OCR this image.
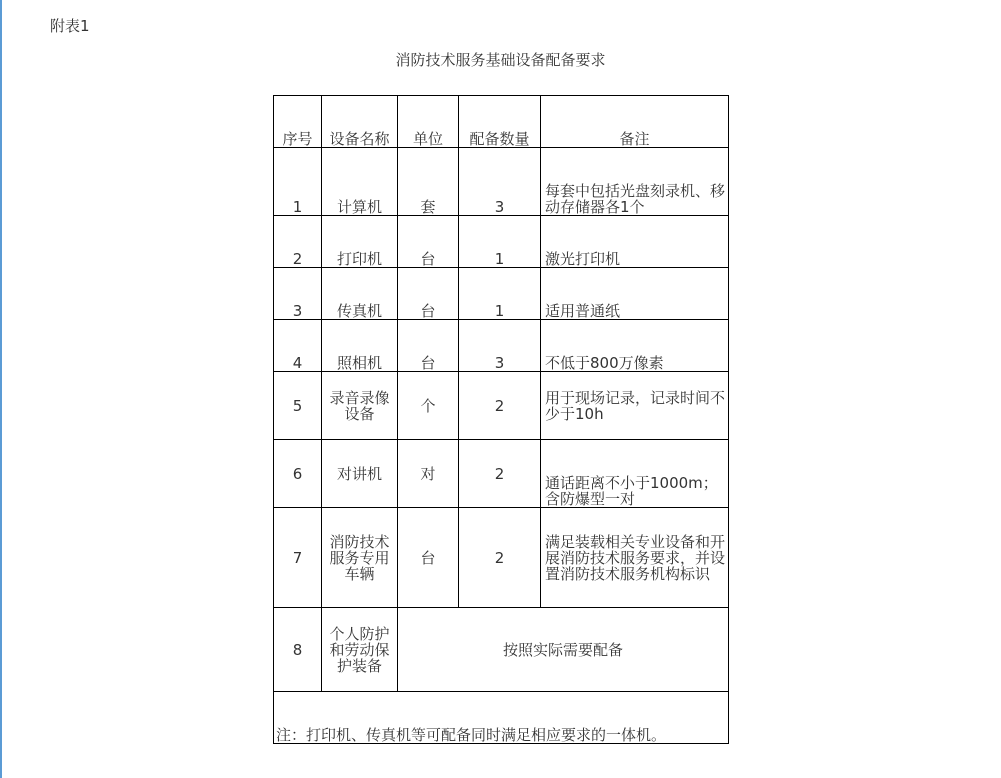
附表1
消防技术服务基础设备配备要求
序号	设备名称	单位	配备数量	备注
1	计算机	套	3	每套中包括光盘刻录机、移动存储器各1个
2	打印机	台	1	激光打印机
3	传真机	台	1	适用普通纸
4	照相机	台	3	不低于800万像素
5	录音录像设备	个	2	用于现场记录，记录时间不少于10h
6	对讲机	对	2	通话距离不小于1000m；含防爆型一对
7	消防技术服务专用车辆	台	2	满足装载相关专业设备和开展消防技术服务要求，并设置消防技术服务机构标识
8	个人防护和劳动保护装备	按照实际需要配备		
注：打印机、传真机等可配备同时满足相应要求的一体机。				
